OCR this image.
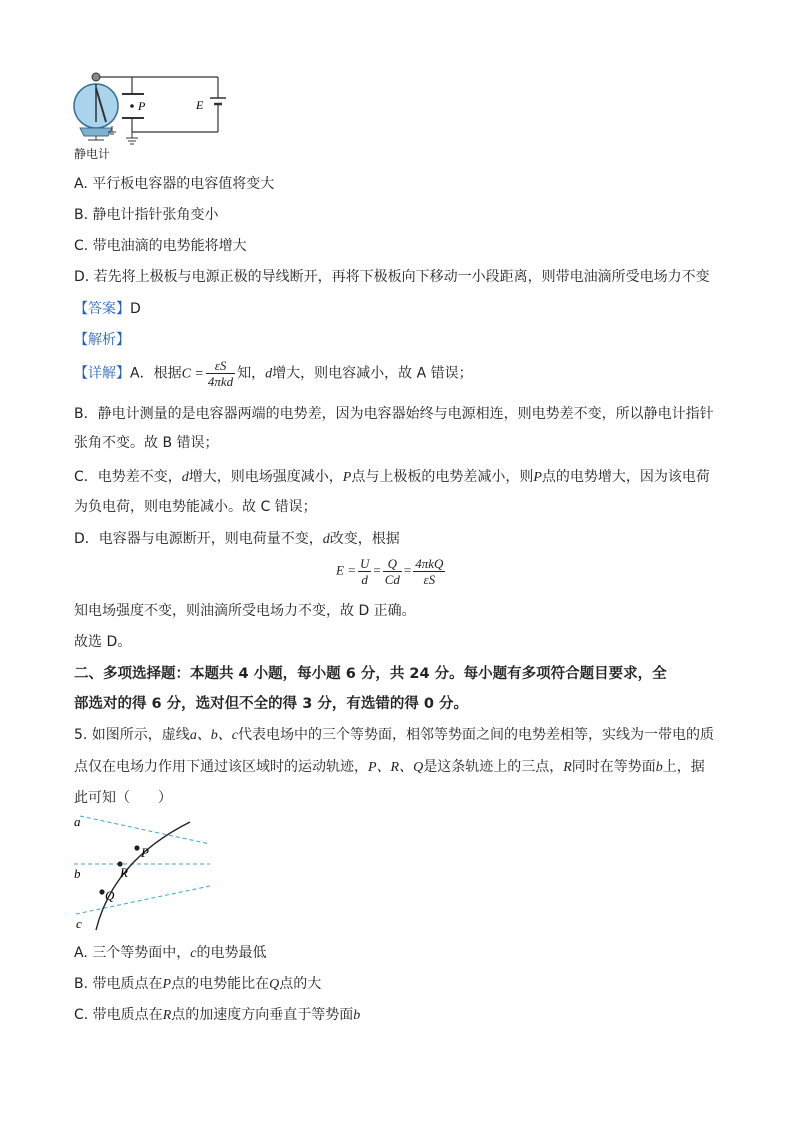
P	E
静电计
A. 平行板电容器的电容值将变大
B. 静电计指针张角变小
C. 带电油滴的电势能将增大
D. 若先将上极板与电源正极的导线断开，再将下极板向下移动一小段距离，则带电油滴所受电场力不变
【答案】D
【解析】
【详解】A．根据$C = \frac{\varepsilon S}{\text{4πkd}}$ 知，d增大，则电容减小，故 A 错误；
B．静电计测量的是电容器两端的电势差，因为电容器始终与电源相连，则电势差不变，所以静电计指针
张角不变。故 B 错误；
C．电势差不变，d增大，则电场强度减小，P点与上极板的电势差减小，则P点的电势增大，因为该电荷
为负电荷，则电势能减小。故 C 错误；
D．电容器与电源断开，则电荷量不变，d改变，根据
$E = \frac{U}{d} = \frac{Q}{Cd} = \frac{\text{4πkQ}}{\varepsilon S}$
知电场强度不变，则油滴所受电场力不变，故 D 正确。
故选 D。
二、多项选择题：本题共 4 小题，每小题 6 分，共 24 分。每小题有多项符合题目要求，全
部选对的得 6 分，选对但不全的得 3 分，有选错的得 0 分。
5. 如图所示，虚线a、b、c代表电场中的三个等势面，相邻等势面之间的电势差相等，实线为一带电的质
点仅在电场力作用下通过该区域时的运动轨迹，P、R、Q是这条轨迹上的三点，R同时在等势面b上，据
此可知（　　）
a
b
c
P
R
Q
A. 三个等势面中，c的电势最低
B. 带电质点在P点的电势能比在Q点的大
C. 带电质点在R点的加速度方向垂直于等势面b
